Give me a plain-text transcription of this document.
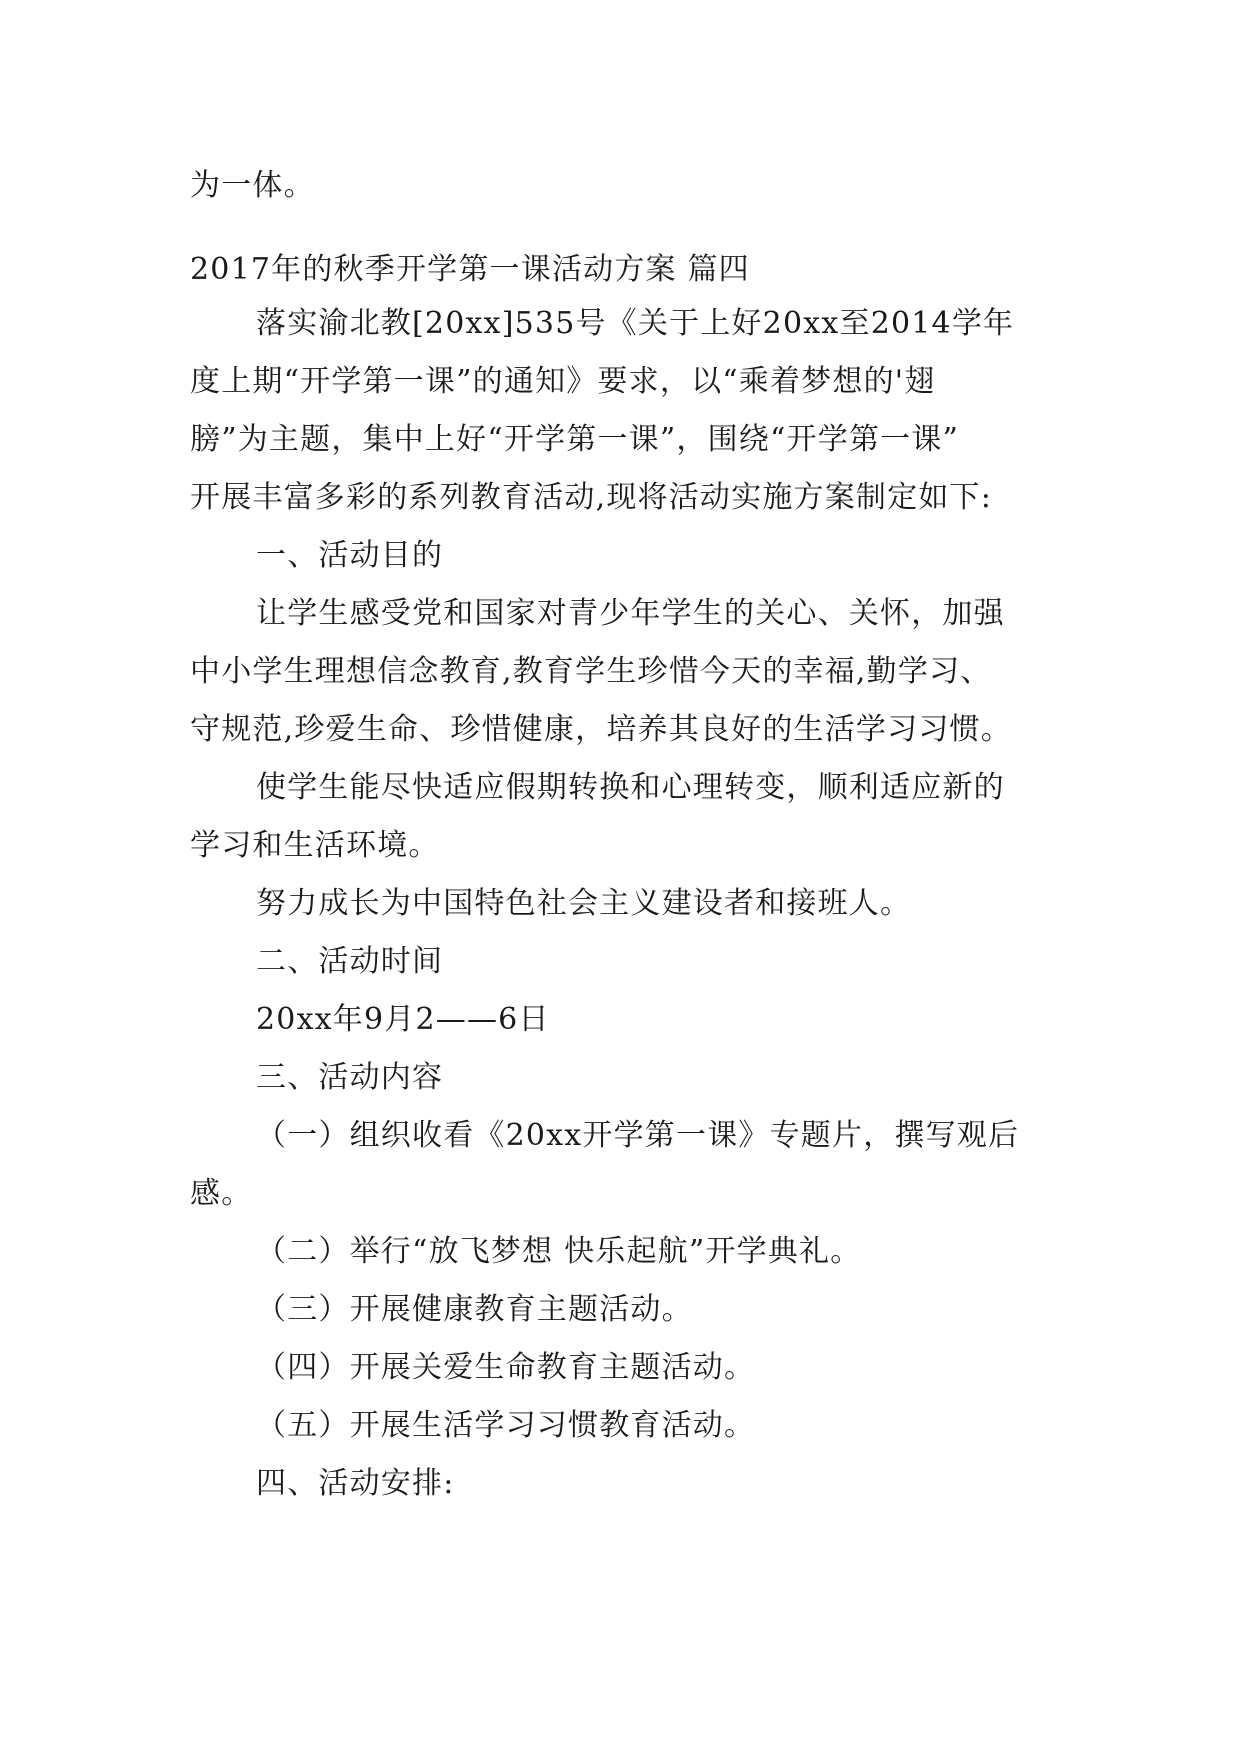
为一体。
2017年的秋季开学第一课活动方案 篇四
落实渝北教[20xx]535号《关于上好20xx至2014学年
度上期“开学第一课”的通知》要求，以“乘着梦想的'翅
膀”为主题，集中上好“开学第一课”，围绕“开学第一课”
开展丰富多彩的系列教育活动,现将活动实施方案制定如下:
一、活动目的
让学生感受党和国家对青少年学生的关心、关怀，加强
中小学生理想信念教育,教育学生珍惜今天的幸福,勤学习、
守规范,珍爱生命、珍惜健康，培养其良好的生活学习习惯。
使学生能尽快适应假期转换和心理转变，顺利适应新的
学习和生活环境。
努力成长为中国特色社会主义建设者和接班人。
二、活动时间
20xx年9月2——6日
三、活动内容
（一）组织收看《20xx开学第一课》专题片，撰写观后
感。
（二）举行“放飞梦想 快乐起航”开学典礼。
（三）开展健康教育主题活动。
（四）开展关爱生命教育主题活动。
（五）开展生活学习习惯教育活动。
四、活动安排:
